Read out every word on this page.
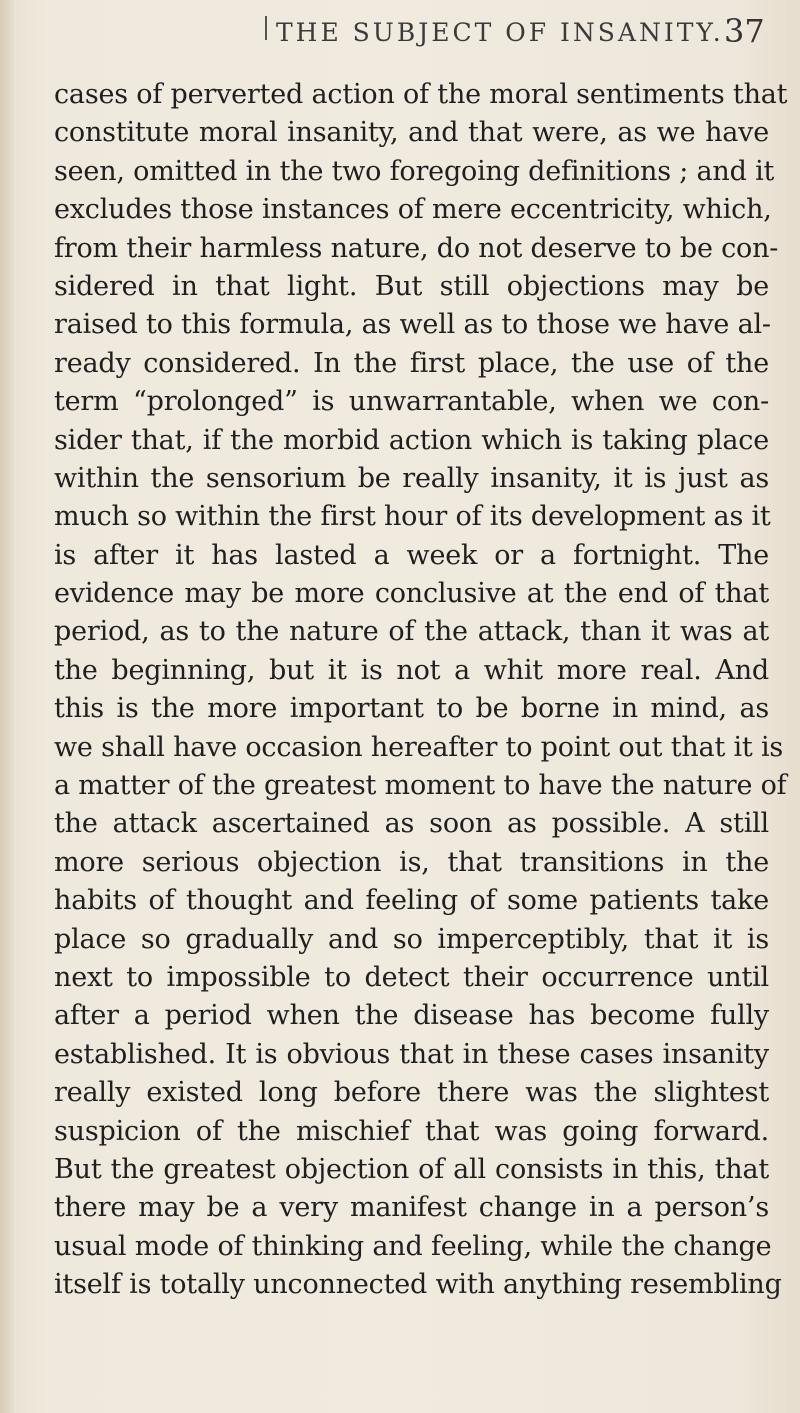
THE SUBJECT OF INSANITY. 37
cases of perverted action of the moral sentiments that
constitute moral insanity, and that were, as we have
seen, omitted in the two foregoing definitions ; and it
excludes those instances of mere eccentricity, which,
from their harmless nature, do not deserve to be con-
sidered in that light. But still objections may be
raised to this formula, as well as to those we have al-
ready considered. In the first place, the use of the
term “prolonged” is unwarrantable, when we con-
sider that, if the morbid action which is taking place
within the sensorium be really insanity, it is just as
much so within the first hour of its development as it
is after it has lasted a week or a fortnight. The
evidence may be more conclusive at the end of that
period, as to the nature of the attack, than it was at
the beginning, but it is not a whit more real. And
this is the more important to be borne in mind, as
we shall have occasion hereafter to point out that it is
a matter of the greatest moment to have the nature of
the attack ascertained as soon as possible. A still
more serious objection is, that transitions in the
habits of thought and feeling of some patients take
place so gradually and so imperceptibly, that it is
next to impossible to detect their occurrence until
after a period when the disease has become fully
established. It is obvious that in these cases insanity
really existed long before there was the slightest
suspicion of the mischief that was going forward.
But the greatest objection of all consists in this, that
there may be a very manifest change in a person’s
usual mode of thinking and feeling, while the change
itself is totally unconnected with anything resembling
